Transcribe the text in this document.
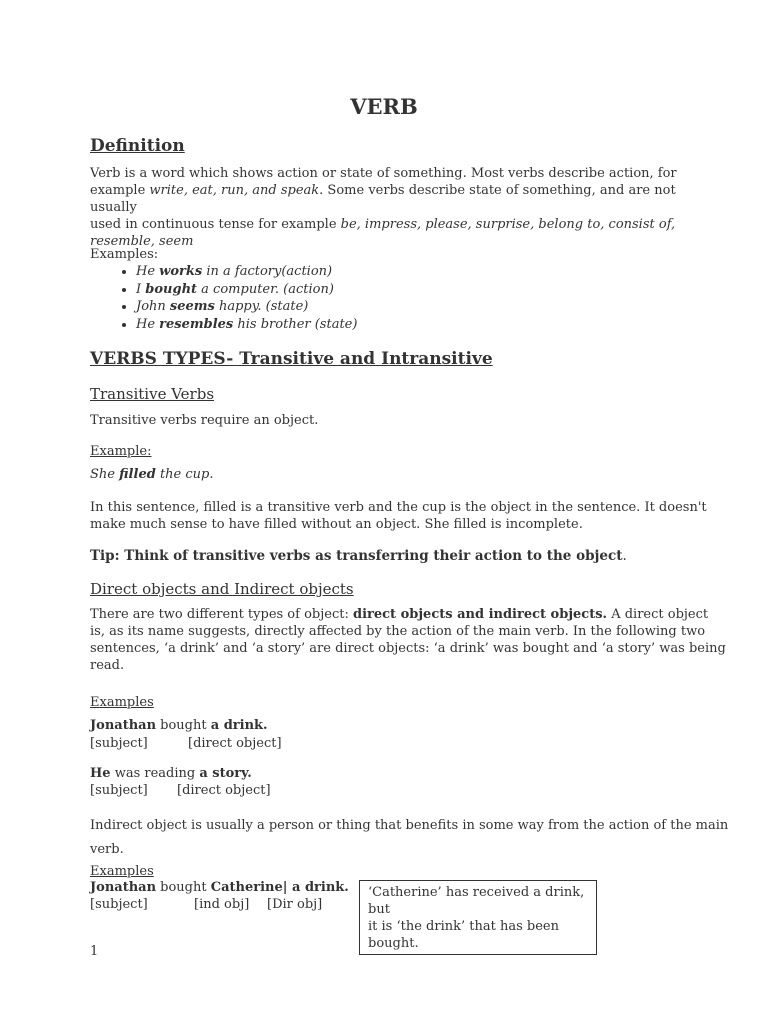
VERB
Definition
Verb is a word which shows action or state of something. Most verbs describe action, for
example write, eat, run, and speak. Some verbs describe state of something, and are not usually
used in continuous tense for example be, impress, please, surprise, belong to, consist of,
resemble, seem
Examples:
• He works in a factory(action)
• I bought a computer. (action)
• John seems happy. (state)
• He resembles his brother (state)
VERBS TYPES- Transitive and Intransitive
Transitive Verbs
Transitive verbs require an object.
Example:
She filled the cup.
In this sentence, filled is a transitive verb and the cup is the object in the sentence. It doesn't
make much sense to have filled without an object. She filled is incomplete.
Tip: Think of transitive verbs as transferring their action to the object.
Direct objects and Indirect objects
There are two different types of object: direct objects and indirect objects. A direct object
is, as its name suggests, directly affected by the action of the main verb. In the following two
sentences, ‘a drink’ and ‘a story’ are direct objects: ‘a drink’ was bought and ‘a story’ was being
read.
Examples
Jonathan bought a drink.
[subject]	[direct object]
He was reading a story.
[subject]	[direct object]
Indirect object is usually a person or thing that benefits in some way from the action of the main
verb.
Examples
Jonathan bought Catherine| a drink.
[subject]	[ind obj]	[Dir obj]
‘Catherine’ has received a drink, but
it is ‘the drink’ that has been bought.
1
